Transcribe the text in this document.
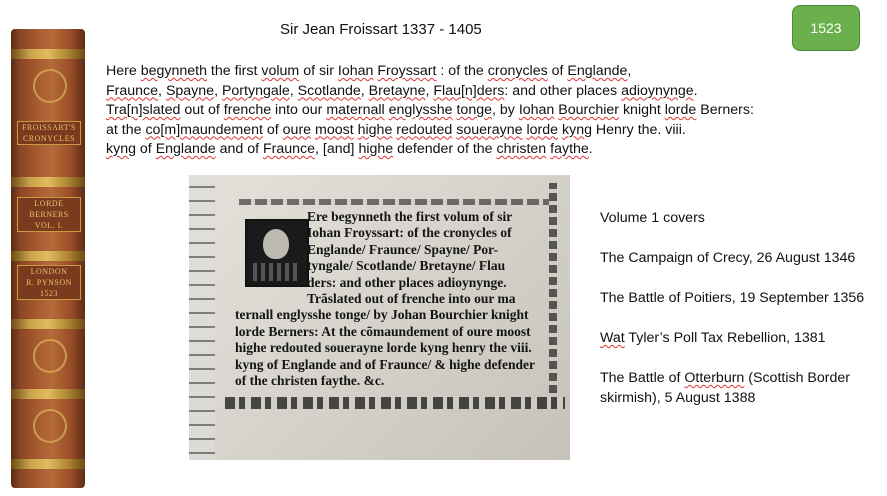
Sir Jean Froissart 1337 - 1405	1523
Here begynneth the first volum of sir Iohan Froyssart : of the cronycles of Englande,
Fraunce, Spayne, Portyngale, Scotlande, Bretayne, Flau[n]ders: and other places adioynynge.
Tra[n]slated out of frenche into our maternall englysshe tonge, by Iohan Bourchier knight lorde Berners:
at the co[m]maundement of oure moost highe redouted souerayne lorde kyng Henry the. viii.
kyng of Englande and of Fraunce, [and] highe defender of the christen faythe.
FROISSART'S
CRONYCLES
LORDE
BERNERS
VOL. I.
LONDON
R. PYNSON
1523
Ere begynneth the first volum of sir
Iohan Froyssart: of the cronycles of
Englande/ Fraunce/ Spayne/ Por-
tyngale/ Scotlande/ Bretayne/ Flau
ders: and other places adioynynge.
Trãslated out of frenche into our ma
ternall englysshe tonge/ by Johan Bourchier knight
lorde Berners: At the cõmaundement of oure moost
highe redouted souerayne lorde kyng henry the viii.
kyng of Englande and of Fraunce/ & highe defender
of the christen faythe. &c.
Volume 1 covers
The Campaign of Crecy, 26 August 1346
The Battle of Poitiers, 19 September 1356
Wat Tyler’s Poll Tax Rebellion, 1381
The Battle of Otterburn (Scottish Border skirmish), 5 August 1388
